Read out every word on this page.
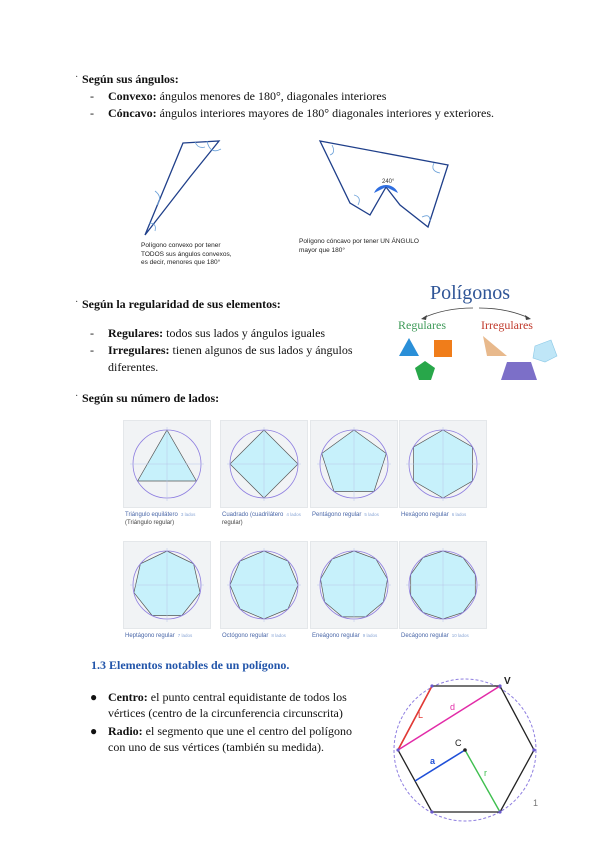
· Según sus ángulos:
- Convexo: ángulos menores de 180°, diagonales interiores
- Cóncavo: ángulos interiores mayores de 180° diagonales interiores y exteriores.
Polígono convexo por tener
TODOS sus ángulos convexos,
es decir, menores que 180°
240°
Polígono cóncavo por tener UN ÁNGULO
mayor que 180°
· Según la regularidad de sus elementos:
- Regulares: todos sus lados y ángulos iguales
- Irregulares: tienen algunos de sus lados y ángulos
diferentes.
Polígonos
Regulares	Irregulares
· Según su número de lados:
Triángulo equilátero 3 lados
(Triángulo regular)
Cuadrado (cuadrilátero 4 lados
regular)
Pentágono regular 5 lados	Hexágono regular 6 lados
Heptágono regular 7 lados	Octógono regular 8 lados	Eneágono regular 9 lados	Decágono regular 10 lados
1.3 Elementos notables de un polígono.
● Centro: el punto central equidistante de todos los
vértices (centro de la circunferencia circunscrita)
● Radio: el segmento que une el centro del polígono
con uno de sus vértices (también su medida).
V
d
L
C
a
r
1
